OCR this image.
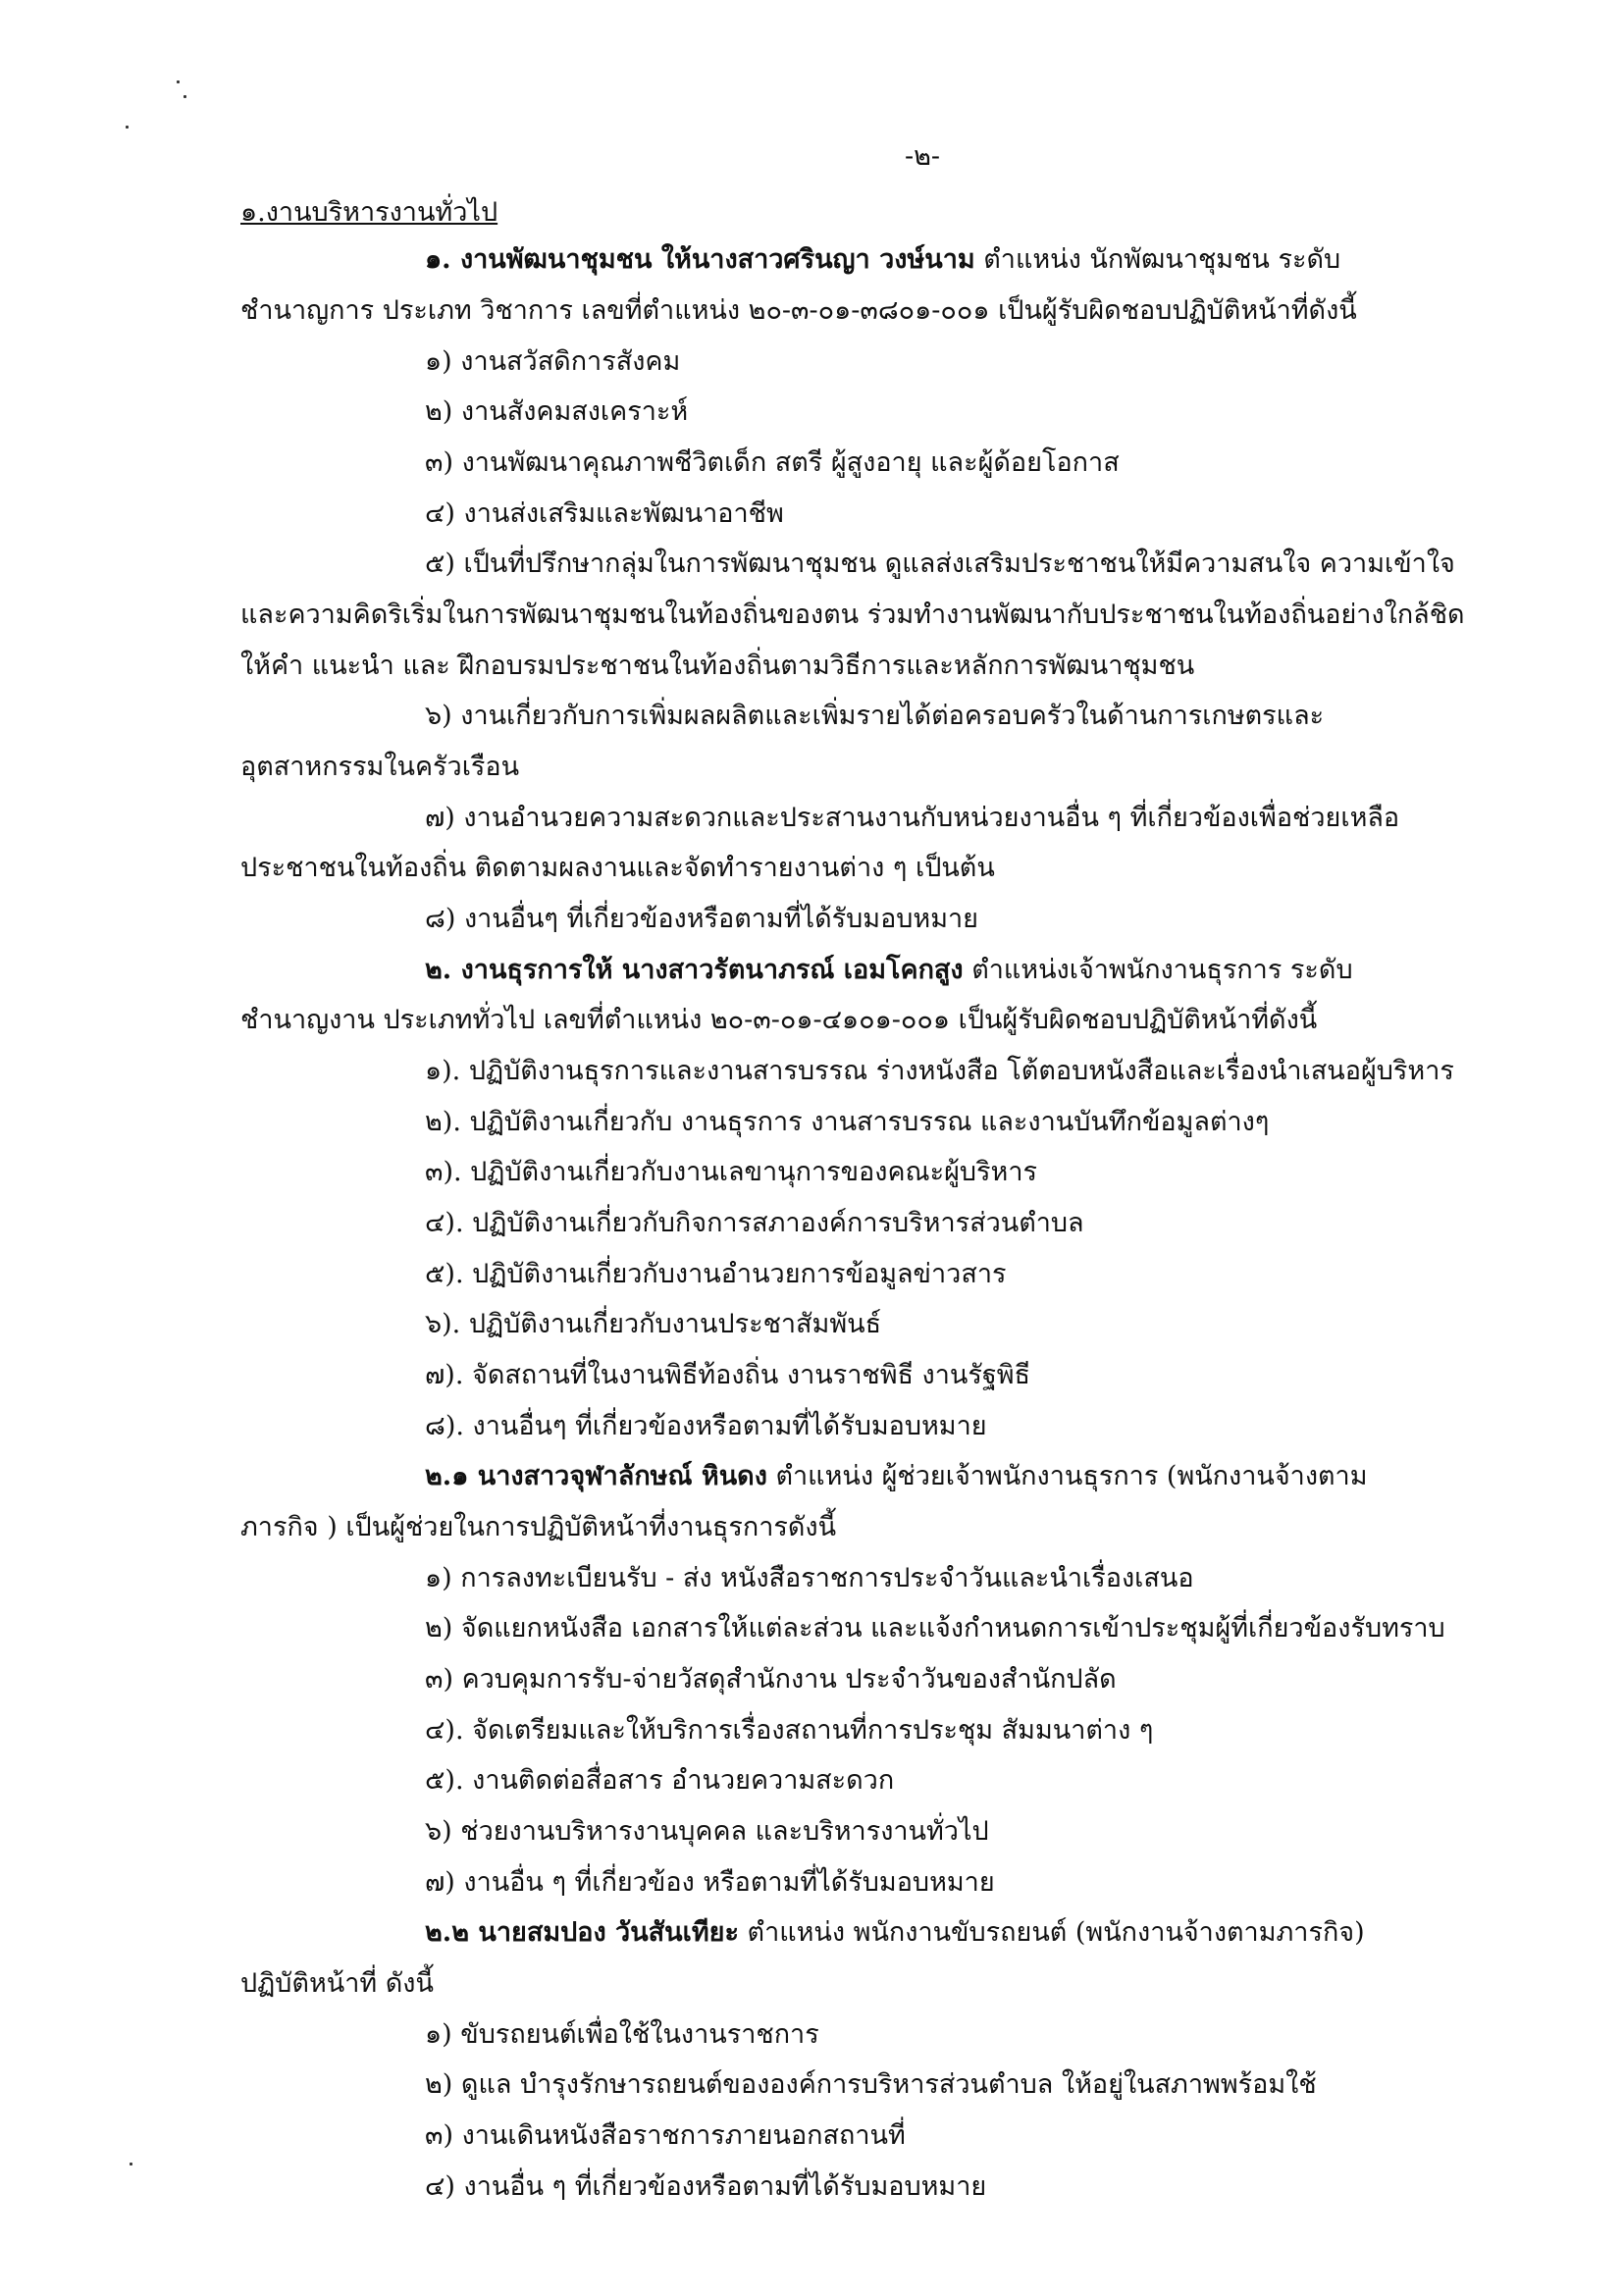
-๒-
๑.งานบริหารงานทั่วไป
๑. งานพัฒนาชุมชน ให้นางสาวศรินญา วงษ์นาม ตำแหน่ง นักพัฒนาชุมชน ระดับ
ชำนาญการ ประเภท วิชาการ เลขที่ตำแหน่ง ๒๐-๓-๐๑-๓๘๐๑-๐๐๑ เป็นผู้รับผิดชอบปฏิบัติหน้าที่ดังนี้
๑) งานสวัสดิการสังคม
๒) งานสังคมสงเคราะห์
๓) งานพัฒนาคุณภาพชีวิตเด็ก สตรี ผู้สูงอายุ และผู้ด้อยโอกาส
๔) งานส่งเสริมและพัฒนาอาชีพ
๕) เป็นที่ปรึกษากลุ่มในการพัฒนาชุมชน ดูแลส่งเสริมประชาชนให้มีความสนใจ ความเข้าใจ
และความคิดริเริ่มในการพัฒนาชุมชนในท้องถิ่นของตน ร่วมทำงานพัฒนากับประชาชนในท้องถิ่นอย่างใกล้ชิด
ให้คำ แนะนำ และ ฝึกอบรมประชาชนในท้องถิ่นตามวิธีการและหลักการพัฒนาชุมชน
๖) งานเกี่ยวกับการเพิ่มผลผลิตและเพิ่มรายได้ต่อครอบครัวในด้านการเกษตรและ
อุตสาหกรรมในครัวเรือน
๗) งานอำนวยความสะดวกและประสานงานกับหน่วยงานอื่น ๆ ที่เกี่ยวข้องเพื่อช่วยเหลือ
ประชาชนในท้องถิ่น ติดตามผลงานและจัดทำรายงานต่าง ๆ เป็นต้น
๘) งานอื่นๆ ที่เกี่ยวข้องหรือตามที่ได้รับมอบหมาย
๒. งานธุรการให้ นางสาวรัตนาภรณ์ เอมโคกสูง ตำแหน่งเจ้าพนักงานธุรการ ระดับ
ชำนาญงาน ประเภททั่วไป เลขที่ตำแหน่ง ๒๐-๓-๐๑-๔๑๐๑-๐๐๑ เป็นผู้รับผิดชอบปฏิบัติหน้าที่ดังนี้
๑). ปฏิบัติงานธุรการและงานสารบรรณ ร่างหนังสือ โต้ตอบหนังสือและเรื่องนำเสนอผู้บริหาร
๒). ปฏิบัติงานเกี่ยวกับ งานธุรการ งานสารบรรณ และงานบันทึกข้อมูลต่างๆ
๓). ปฏิบัติงานเกี่ยวกับงานเลขานุการของคณะผู้บริหาร
๔). ปฏิบัติงานเกี่ยวกับกิจการสภาองค์การบริหารส่วนตำบล
๕). ปฏิบัติงานเกี่ยวกับงานอำนวยการข้อมูลข่าวสาร
๖). ปฏิบัติงานเกี่ยวกับงานประชาสัมพันธ์
๗). จัดสถานที่ในงานพิธีท้องถิ่น งานราชพิธี งานรัฐพิธี
๘). งานอื่นๆ ที่เกี่ยวข้องหรือตามที่ได้รับมอบหมาย
๒.๑ นางสาวจุฬาลักษณ์ หินดง ตำแหน่ง ผู้ช่วยเจ้าพนักงานธุรการ (พนักงานจ้างตาม
ภารกิจ ) เป็นผู้ช่วยในการปฏิบัติหน้าที่งานธุรการดังนี้
๑) การลงทะเบียนรับ - ส่ง หนังสือราชการประจำวันและนำเรื่องเสนอ
๒) จัดแยกหนังสือ เอกสารให้แต่ละส่วน และแจ้งกำหนดการเข้าประชุมผู้ที่เกี่ยวข้องรับทราบ
๓) ควบคุมการรับ-จ่ายวัสดุสำนักงาน ประจำวันของสำนักปลัด
๔). จัดเตรียมและให้บริการเรื่องสถานที่การประชุม สัมมนาต่าง ๆ
๕). งานติดต่อสื่อสาร อำนวยความสะดวก
๖) ช่วยงานบริหารงานบุคคล และบริหารงานทั่วไป
๗) งานอื่น ๆ ที่เกี่ยวข้อง หรือตามที่ได้รับมอบหมาย
๒.๒ นายสมปอง วันสันเทียะ ตำแหน่ง พนักงานขับรถยนต์ (พนักงานจ้างตามภารกิจ)
ปฏิบัติหน้าที่ ดังนี้
๑) ขับรถยนต์เพื่อใช้ในงานราชการ
๒) ดูแล บำรุงรักษารถยนต์ขององค์การบริหารส่วนตำบล ให้อยู่ในสภาพพร้อมใช้
๓) งานเดินหนังสือราชการภายนอกสถานที่
๔) งานอื่น ๆ ที่เกี่ยวข้องหรือตามที่ได้รับมอบหมาย
